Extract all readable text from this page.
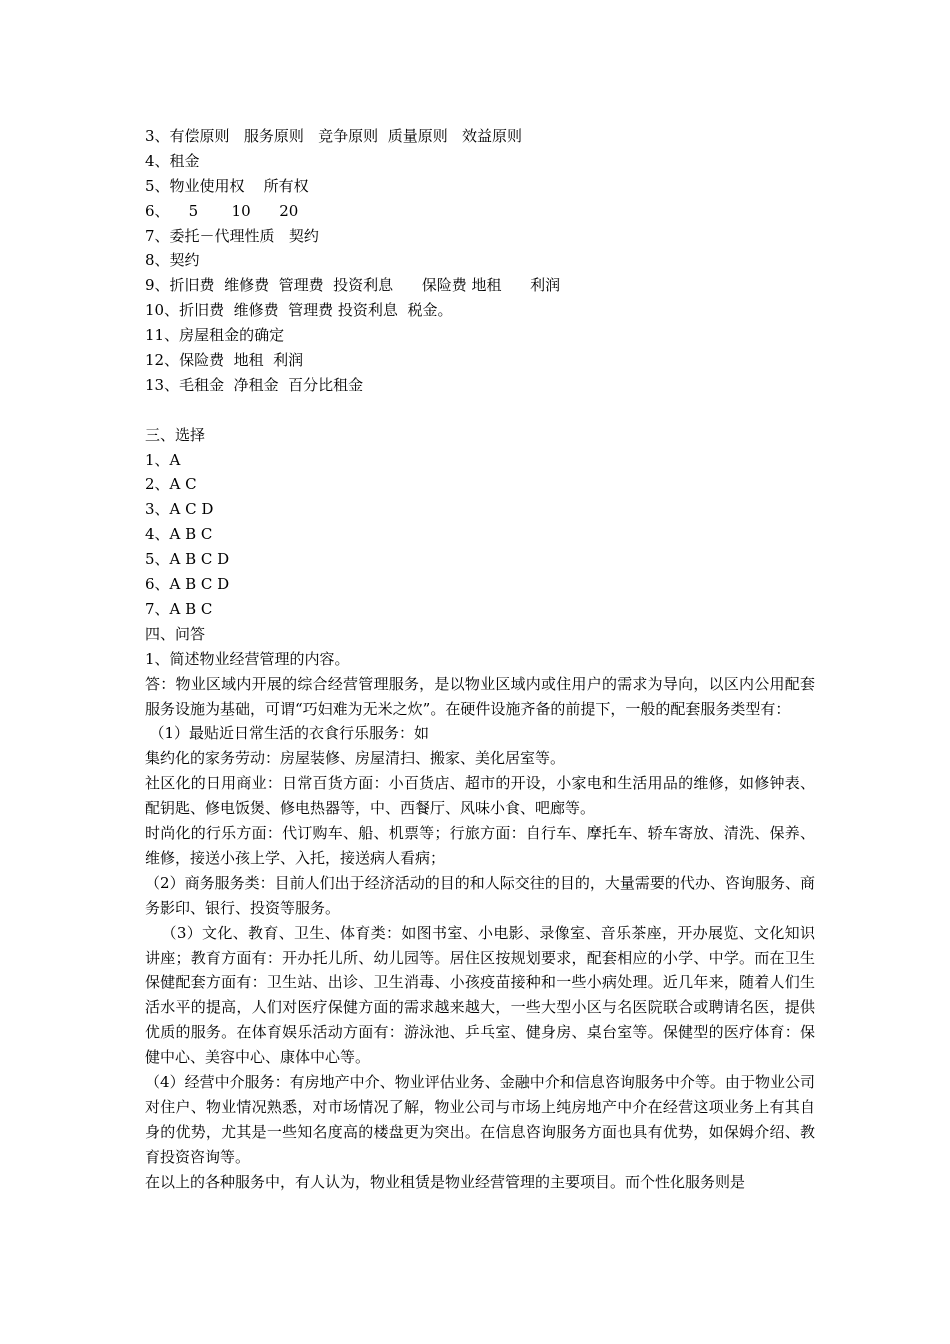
3、有偿原则   服务原则   竞争原则  质量原则   效益原则
4、租金
5、物业使用权    所有权
6、    5       10      20
7、委托－代理性质   契约
8、契约
9、折旧费  维修费  管理费  投资利息      保险费 地租      利润
10、折旧费  维修费  管理费 投资利息  税金。
11、房屋租金的确定
12、保险费  地租  利润
13、毛租金  净租金  百分比租金
三、选择
1、A
2、A C
3、A C D
4、A B C
5、A B C D
6、A B C D
7、A B C
四、问答
1、简述物业经营管理的内容。
答：物业区域内开展的综合经营管理服务，是以物业区域内或住用户的需求为导向，以区内公用配套服务设施为基础，可谓“巧妇难为无米之炊”。在硬件设施齐备的前提下，一般的配套服务类型有：
（1）最贴近日常生活的衣食行乐服务：如
集约化的家务劳动：房屋装修、房屋清扫、搬家、美化居室等。
社区化的日用商业：日常百货方面：小百货店、超市的开设，小家电和生活用品的维修，如修钟表、配钥匙、修电饭煲、修电热器等，中、西餐厅、风味小食、吧廊等。
时尚化的行乐方面：代订购车、船、机票等；行旅方面：自行车、摩托车、轿车寄放、清洗、保养、维修，接送小孩上学、入托，接送病人看病；
（2）商务服务类：目前人们出于经济活动的目的和人际交往的目的，大量需要的代办、咨询服务、商务影印、银行、投资等服务。
（3）文化、教育、卫生、体育类：如图书室、小电影、录像室、音乐茶座，开办展览、文化知识讲座；教育方面有：开办托儿所、幼儿园等。居住区按规划要求，配套相应的小学、中学。而在卫生保健配套方面有：卫生站、出诊、卫生消毒、小孩疫苗接种和一些小病处理。近几年来，随着人们生活水平的提高，人们对医疗保健方面的需求越来越大，一些大型小区与名医院联合或聘请名医，提供优质的服务。在体育娱乐活动方面有：游泳池、乒乓室、健身房、桌台室等。保健型的医疗体育：保健中心、美容中心、康体中心等。
（4）经营中介服务：有房地产中介、物业评估业务、金融中介和信息咨询服务中介等。由于物业公司对住户、物业情况熟悉，对市场情况了解，物业公司与市场上纯房地产中介在经营这项业务上有其自身的优势，尤其是一些知名度高的楼盘更为突出。在信息咨询服务方面也具有优势，如保姆介绍、教育投资咨询等。
在以上的各种服务中，有人认为，物业租赁是物业经营管理的主要项目。而个性化服务则是
